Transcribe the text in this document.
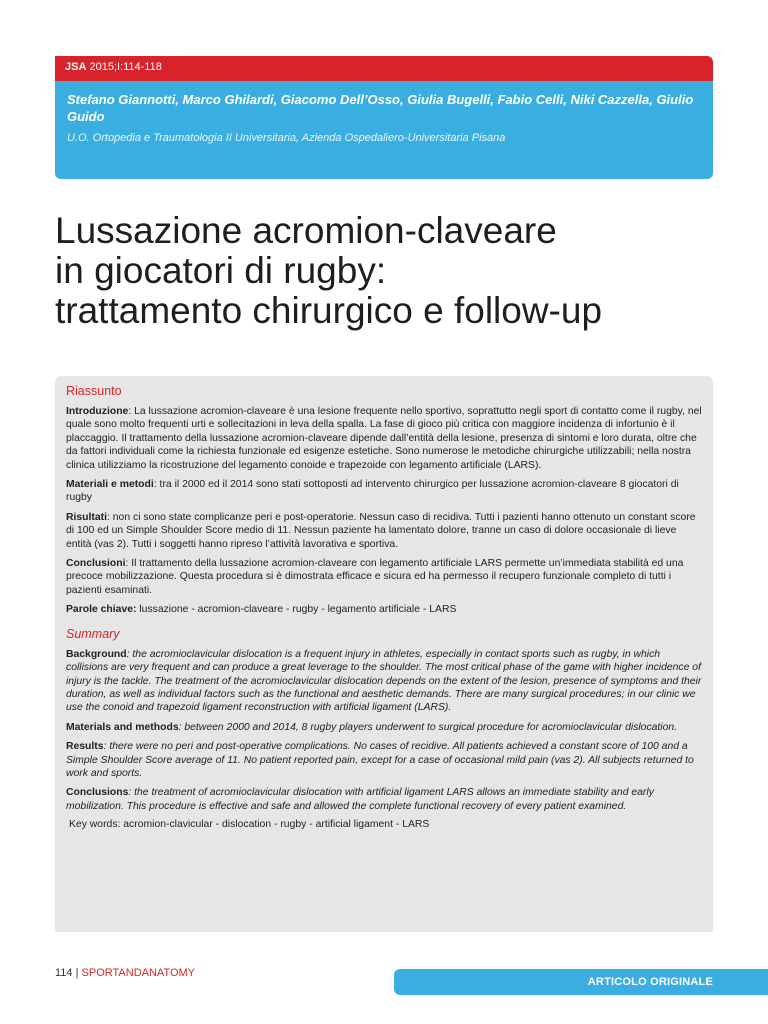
JSA 2015;I:114-118
Stefano Giannotti, Marco Ghilardi, Giacomo Dell’Osso, Giulia Bugelli, Fabio Celli, Niki Cazzella, Giulio Guido
U.O. Ortopedia e Traumatologia II Universitaria, Azienda Ospedaliero-Universitaria Pisana
Lussazione acromion-claveare
in giocatori di rugby:
trattamento chirurgico e follow-up
Riassunto

Introduzione: La lussazione acromion-claveare è una lesione frequente nello sportivo, soprattutto negli sport di contatto come il rugby, nel quale sono molto frequenti urti e sollecitazioni in leva della spalla. La fase di gioco più critica con maggiore incidenza di infortunio è il placcaggio. Il trattamento della lussazione acromion-claveare dipende dall’entità della lesione, presenza di sintomi e loro durata, oltre che da fattori individuali come la richiesta funzionale ed esigenze estetiche. Sono numerose le metodiche chirurgiche utilizzabili; nella nostra clinica utilizziamo la ricostruzione del legamento conoide e trapezoide con legamento artificiale (LARS).

Materiali e metodi: tra il 2000 ed il 2014 sono stati sottoposti ad intervento chirurgico per lussazione acromion-claveare 8 giocatori di rugby

Risultati: non ci sono state complicanze peri e post-operatorie. Nessun caso di recidiva. Tutti i pazienti hanno ottenuto un constant score di 100 ed un Simple Shoulder Score medio di 11. Nessun paziente ha lamentato dolore, tranne un caso di dolore occasionale di lieve entità (vas 2). Tutti i soggetti hanno ripreso l’attività lavorativa e sportiva.

Conclusioni: Il trattamento della lussazione acromion-claveare con legamento artificiale LARS permette un’immediata stabilità ed una precoce mobilizzazione. Questa procedura si è dimostrata efficace e sicura ed ha permesso il recupero funzionale completo di tutti i pazienti esaminati.

Parole chiave: lussazione - acromion-claveare - rugby - legamento artificiale - LARS

Summary

Background: the acromioclavicular dislocation is a frequent injury in athletes, especially in contact sports such as rugby, in which collisions are very frequent and can produce a great leverage to the shoulder. The most critical phase of the game with higher incidence of injury is the tackle. The treatment of the acromioclavicular dislocation depends on the extent of the lesion, presence of symptoms and their duration, as well as individual factors such as the functional and aesthetic demands. There are many surgical procedures; in our clinic we use the conoid and trapezoid ligament reconstruction with artificial ligament (LARS).

Materials and methods: between 2000 and 2014, 8 rugby players underwent to surgical procedure for acromioclavicular dislocation.

Results: there were no peri and post-operative complications. No cases of recidive. All patients achieved a constant score of 100 and a Simple Shoulder Score average of 11. No patient reported pain, except for a case of occasional mild pain (vas 2). All subjects returned to work and sports.

Conclusions: the treatment of acromioclavicular dislocation with artificial ligament LARS allows an immediate stability and early mobilization. This procedure is effective and safe and allowed the complete functional recovery of every patient examined.

Key words: acromion-clavicular - dislocation - rugby - artificial ligament - LARS

114 | SPORTANDANATOMY
ARTICOLO ORIGINALE
